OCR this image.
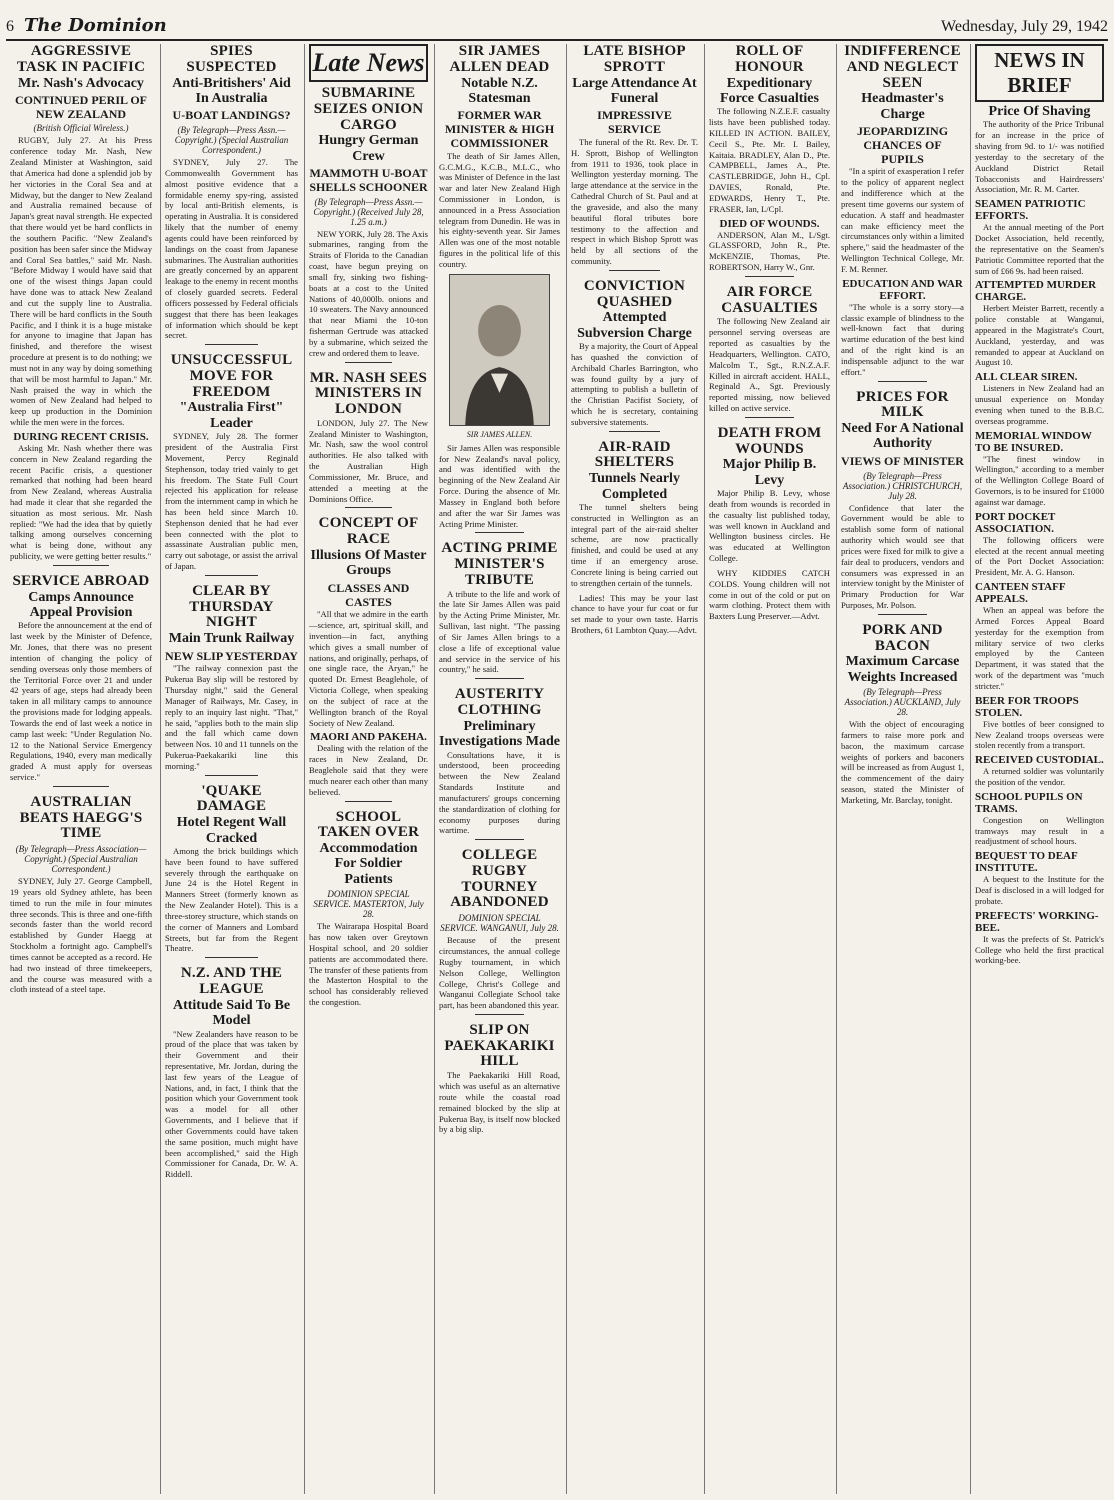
6 The Dominion	Wednesday, July 29, 1942
AGGRESSIVE TASK IN PACIFIC
Mr. Nash's Advocacy
CONTINUED PERIL OF NEW ZEALAND
(British Official Wireless.)

RUGBY, July 27. At his Press conference today Mr. Nash, New Zealand Minister at Washington, said that America had done a splendid job by her victories in the Coral Sea and at Midway, but the danger to New Zealand and Australia remained because of Japan's great naval strength. He expected that there would yet be hard conflicts in the southern Pacific. "New Zealand's position has been safer since the Midway and Coral Sea battles," said Mr. Nash. "Before Midway I would have said that one of the wisest things Japan could have done was to attack New Zealand and cut the supply line to Australia. There will be hard conflicts in the South Pacific, and I think it is a huge mistake for anyone to imagine that Japan has finished, and therefore the wisest procedure at present is to do nothing; we must not in any way by doing something that will be most harmful to Japan." Mr. Nash praised the way in which the women of New Zealand had helped to keep up production in the Dominion while the men were in the forces.

DURING RECENT CRISIS.

Asking Mr. Nash whether there was concern in New Zealand regarding the recent Pacific crisis, a questioner remarked that nothing had been heard from New Zealand, whereas Australia had made it clear that she regarded the situation as most serious. Mr. Nash replied: "We had the idea that by quietly talking among ourselves concerning what is being done, without any publicity, we were getting better results."

SERVICE ABROAD
Camps Announce Appeal Provision

Before the announcement at the end of last week by the Minister of Defence, Mr. Jones, that there was no present intention of changing the policy of sending overseas only those members of the Territorial Force over 21 and under 42 years of age, steps had already been taken in all military camps to announce the provisions made for lodging appeals. Towards the end of last week a notice in camp last week: "Under Regulation No. 12 to the National Service Emergency Regulations, 1940, every man medically graded A must apply for overseas service."

AUSTRALIAN BEATS HAEGG'S TIME
(By Telegraph—Press Association—Copyright.) (Special Australian Correspondent.)

SYDNEY, July 27. George Campbell, 19 years old Sydney athlete, has been timed to run the mile in four minutes three seconds. This is three and one-fifth seconds faster than the world record established by Gunder Haegg at Stockholm a fortnight ago. Campbell's times cannot be accepted as a record. He had two instead of three timekeepers, and the course was measured with a cloth instead of a steel tape.

SPIES SUSPECTED
Anti-Britishers' Aid In Australia
U-BOAT LANDINGS?
(By Telegraph—Press Assn.—Copyright.) (Special Australian Correspondent.)

SYDNEY, July 27. The Commonwealth Government has almost positive evidence that a formidable enemy spy-ring, assisted by local anti-British elements, is operating in Australia. It is considered likely that the number of enemy agents could have been reinforced by landings on the coast from Japanese submarines. The Australian authorities are greatly concerned by an apparent leakage to the enemy in recent months of closely guarded secrets. Federal officers possessed by Federal officials suggest that there has been leakages of information which should be kept secret.

UNSUCCESSFUL MOVE FOR FREEDOM
"Australia First" Leader

SYDNEY, July 28. The former president of the Australia First Movement, Percy Reginald Stephenson, today tried vainly to get his freedom. The State Full Court rejected his application for release from the internment camp in which he has been held since March 10. Stephenson denied that he had ever been connected with the plot to assassinate Australian public men, carry out sabotage, or assist the arrival of Japan.

CLEAR BY THURSDAY NIGHT
Main Trunk Railway
NEW SLIP YESTERDAY

"The railway connexion past the Pukerua Bay slip will be restored by Thursday night," said the General Manager of Railways, Mr. Casey, in reply to an inquiry last night. "That," he said, "applies both to the main slip and the fall which came down between Nos. 10 and 11 tunnels on the Pukerua-Paekakariki line this morning."

'QUAKE DAMAGE
Hotel Regent Wall Cracked

Among the brick buildings which have been found to have suffered severely through the earthquake on June 24 is the Hotel Regent in Manners Street (formerly known as the New Zealander Hotel). This is a three-storey structure, which stands on the corner of Manners and Lombard Streets, but far from the Regent Theatre.

N.Z. AND THE LEAGUE
Attitude Said To Be Model

"New Zealanders have reason to be proud of the place that was taken by their Government and their representative, Mr. Jordan, during the last few years of the League of Nations, and, in fact, I think that the position which your Government took was a model for all other Governments, and I believe that if other Governments could have taken the same position, much might have been accomplished," said the High Commissioner for Canada, Dr. W. A. Riddell.

Late News
SUBMARINE SEIZES ONION CARGO
Hungry German Crew
MAMMOTH U-BOAT SHELLS SCHOONER
(By Telegraph—Press Assn.—Copyright.) (Received July 28, 1.25 a.m.)

NEW YORK, July 28. The Axis submarines, ranging from the Straits of Florida to the Canadian coast, have begun preying on small fry, sinking two fishing-boats at a cost to the United Nations of 40,000lb. onions and 10 sweaters. The Navy announced that near Miami the 10-ton fisherman Gertrude was attacked by a submarine, which seized the crew and ordered them to leave.

MR. NASH SEES MINISTERS IN LONDON

LONDON, July 27. The New Zealand Minister to Washington, Mr. Nash, saw the wool control authorities. He also talked with the Australian High Commissioner, Mr. Bruce, and attended a meeting at the Dominions Office.

CONCEPT OF RACE
Illusions Of Master Groups
CLASSES AND CASTES

"All that we admire in the earth—science, art, spiritual skill, and invention—in fact, anything which gives a small number of nations, and originally, perhaps, of one single race, the Aryan," he quoted Dr. Ernest Beaglehole, of Victoria College, when speaking on the subject of race at the Wellington branch of the Royal Society of New Zealand.

MAORI AND PAKEHA.

Dealing with the relation of the races in New Zealand, Dr. Beaglehole said that they were much nearer each other than many believed.

SCHOOL TAKEN OVER
Accommodation For Soldier Patients
DOMINION SPECIAL SERVICE. MASTERTON, July 28.

The Wairarapa Hospital Board has now taken over Greytown Hospital school, and 20 soldier patients are accommodated there. The transfer of these patients from the Masterton Hospital to the school has considerably relieved the congestion.

SIR JAMES ALLEN DEAD
Notable N.Z. Statesman
FORMER WAR MINISTER & HIGH COMMISSIONER

The death of Sir James Allen, G.C.M.G., K.C.B., M.L.C., who was Minister of Defence in the last war and later New Zealand High Commissioner in London, is announced in a Press Association telegram from Dunedin. He was in his eighty-seventh year. Sir James Allen was one of the most notable figures in the political life of this country.

SIR JAMES ALLEN.

Sir James Allen was responsible for New Zealand's naval policy, and was identified with the beginning of the New Zealand Air Force. During the absence of Mr. Massey in England both before and after the war Sir James was Acting Prime Minister.

ACTING PRIME MINISTER'S TRIBUTE

A tribute to the life and work of the late Sir James Allen was paid by the Acting Prime Minister, Mr. Sullivan, last night. "The passing of Sir James Allen brings to a close a life of exceptional value and service in the service of his country," he said.

AUSTERITY CLOTHING
Preliminary Investigations Made

Consultations have, it is understood, been proceeding between the New Zealand Standards Institute and manufacturers' groups concerning the standardization of clothing for economy purposes during wartime.

COLLEGE RUGBY TOURNEY ABANDONED
DOMINION SPECIAL SERVICE. WANGANUI, July 28.

Because of the present circumstances, the annual college Rugby tournament, in which Nelson College, Wellington College, Christ's College and Wanganui Collegiate School take part, has been abandoned this year.

SLIP ON PAEKAKARIKI HILL

The Paekakariki Hill Road, which was useful as an alternative route while the coastal road remained blocked by the slip at Pukerua Bay, is itself now blocked by a big slip.

LATE BISHOP SPROTT
Large Attendance At Funeral
IMPRESSIVE SERVICE

The funeral of the Rt. Rev. Dr. T. H. Sprott, Bishop of Wellington from 1911 to 1936, took place in Wellington yesterday morning. The large attendance at the service in the Cathedral Church of St. Paul and at the graveside, and also the many beautiful floral tributes bore testimony to the affection and respect in which Bishop Sprott was held by all sections of the community.

CONVICTION QUASHED
Attempted Subversion Charge

By a majority, the Court of Appeal has quashed the conviction of Archibald Charles Barrington, who was found guilty by a jury of attempting to publish a bulletin of the Christian Pacifist Society, of which he is secretary, containing subversive statements.

AIR-RAID SHELTERS
Tunnels Nearly Completed

The tunnel shelters being constructed in Wellington as an integral part of the air-raid shelter scheme, are now practically finished, and could be used at any time if an emergency arose. Concrete lining is being carried out to strengthen certain of the tunnels.

Ladies! This may be your last chance to have your fur coat or fur set made to your own taste. Harris Brothers, 61 Lambton Quay.—Advt.

ROLL OF HONOUR
Expeditionary Force Casualties

The following N.Z.E.F. casualty lists have been published today. KILLED IN ACTION. BAILEY, Cecil S., Pte. Mr. I. Bailey, Kaitaia. BRADLEY, Alan D., Pte. CAMPBELL, James A., Pte. CASTLEBRIDGE, John H., Cpl. DAVIES, Ronald, Pte. EDWARDS, Henry T., Pte. FRASER, Ian, L/Cpl.

DIED OF WOUNDS.

ANDERSON, Alan M., L/Sgt. GLASSFORD, John R., Pte. McKENZIE, Thomas, Pte. ROBERTSON, Harry W., Gnr.

AIR FORCE CASUALTIES

The following New Zealand air personnel serving overseas are reported as casualties by the Headquarters, Wellington. CATO, Malcolm T., Sgt., R.N.Z.A.F. Killed in aircraft accident. HALL, Reginald A., Sgt. Previously reported missing, now believed killed on active service.

DEATH FROM WOUNDS
Major Philip B. Levy

Major Philip B. Levy, whose death from wounds is recorded in the casualty list published today, was well known in Auckland and Wellington business circles. He was educated at Wellington College.

WHY KIDDIES CATCH COLDS. Young children will not come in out of the cold or put on warm clothing. Protect them with Baxters Lung Preserver.—Advt.

INDIFFERENCE AND NEGLECT SEEN
Headmaster's Charge
JEOPARDIZING CHANCES OF PUPILS

"In a spirit of exasperation I refer to the policy of apparent neglect and indifference which at the present time governs our system of education. A staff and headmaster can make efficiency meet the circumstances only within a limited sphere," said the headmaster of the Wellington Technical College, Mr. F. M. Renner.

EDUCATION AND WAR EFFORT.

"The whole is a sorry story—a classic example of blindness to the well-known fact that during wartime education of the best kind and of the right kind is an indispensable adjunct to the war effort."

PRICES FOR MILK
Need For A National Authority
VIEWS OF MINISTER
(By Telegraph—Press Association.) CHRISTCHURCH, July 28.

Confidence that later the Government would be able to establish some form of national authority which would see that prices were fixed for milk to give a fair deal to producers, vendors and consumers was expressed in an interview tonight by the Minister of Primary Production for War Purposes, Mr. Polson.

PORK AND BACON
Maximum Carcase Weights Increased
(By Telegraph—Press Association.) AUCKLAND, July 28.

With the object of encouraging farmers to raise more pork and bacon, the maximum carcase weights of porkers and baconers will be increased as from August 1, the commencement of the dairy season, stated the Minister of Marketing, Mr. Barclay, tonight.

NEWS IN BRIEF
Price Of Shaving

The authority of the Price Tribunal for an increase in the price of shaving from 9d. to 1/- was notified yesterday to the secretary of the Auckland District Retail Tobacconists and Hairdressers' Association, Mr. R. M. Carter.

SEAMEN PATRIOTIC EFFORTS.

At the annual meeting of the Port Docket Association, held recently, the representative on the Seamen's Patriotic Committee reported that the sum of £66 9s. had been raised.

ATTEMPTED MURDER CHARGE.

Herbert Meister Barrett, recently a police constable at Wanganui, appeared in the Magistrate's Court, Auckland, yesterday, and was remanded to appear at Auckland on August 10.

ALL CLEAR SIREN.

Listeners in New Zealand had an unusual experience on Monday evening when tuned to the B.B.C. overseas programme.

MEMORIAL WINDOW TO BE INSURED.

"The finest window in Wellington," according to a member of the Wellington College Board of Governors, is to be insured for £1000 against war damage.

PORT DOCKET ASSOCIATION.

The following officers were elected at the recent annual meeting of the Port Docket Association: President, Mr. A. G. Hanson.

CANTEEN STAFF APPEALS.

When an appeal was before the Armed Forces Appeal Board yesterday for the exemption from military service of two clerks employed by the Canteen Department, it was stated that the work of the department was "much stricter."

BEER FOR TROOPS STOLEN.

Five bottles of beer consigned to New Zealand troops overseas were stolen recently from a transport.

RECEIVED CUSTODIAL.

A returned soldier was voluntarily the position of the vendor.

SCHOOL PUPILS ON TRAMS.

Congestion on Wellington tramways may result in a readjustment of school hours.

BEQUEST TO DEAF INSTITUTE.

A bequest to the Institute for the Deaf is disclosed in a will lodged for probate.

PREFECTS' WORKING-BEE.

It was the prefects of St. Patrick's College who held the first practical working-bee.
